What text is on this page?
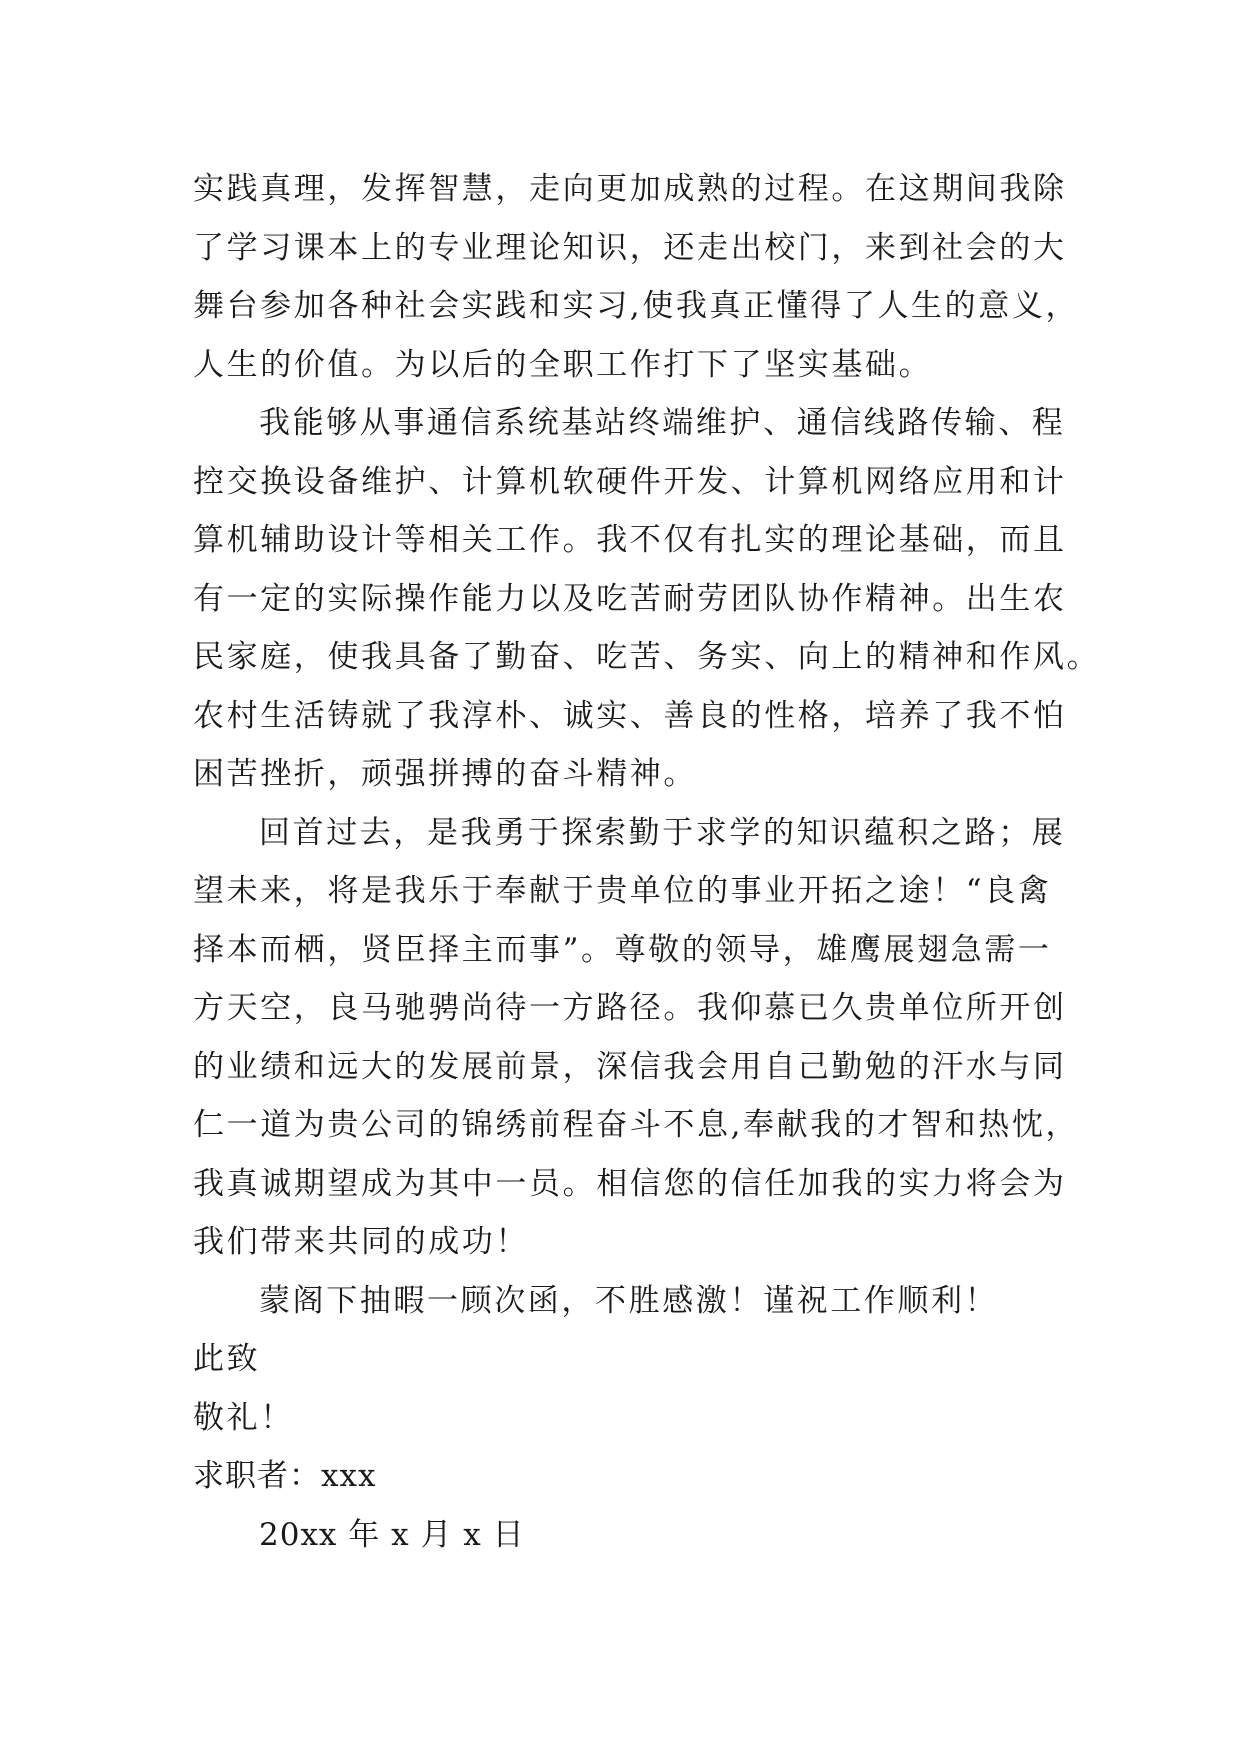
实践真理，发挥智慧，走向更加成熟的过程。在这期间我除
了学习课本上的专业理论知识，还走出校门，来到社会的大
舞台参加各种社会实践和实习,使我真正懂得了人生的意义，
人生的价值。为以后的全职工作打下了坚实基础。
我能够从事通信系统基站终端维护、通信线路传输、程
控交换设备维护、计算机软硬件开发、计算机网络应用和计
算机辅助设计等相关工作。我不仅有扎实的理论基础，而且
有一定的实际操作能力以及吃苦耐劳团队协作精神。出生农
民家庭，使我具备了勤奋、吃苦、务实、向上的精神和作风。
农村生活铸就了我淳朴、诚实、善良的性格，培养了我不怕
困苦挫折，顽强拼搏的奋斗精神。
回首过去，是我勇于探索勤于求学的知识蕴积之路；展
望未来，将是我乐于奉献于贵单位的事业开拓之途！“良禽
择本而栖，贤臣择主而事”。尊敬的领导，雄鹰展翅急需一
方天空，良马驰骋尚待一方路径。我仰慕已久贵单位所开创
的业绩和远大的发展前景，深信我会用自己勤勉的汗水与同
仁一道为贵公司的锦绣前程奋斗不息,奉献我的才智和热忱，
我真诚期望成为其中一员。相信您的信任加我的实力将会为
我们带来共同的成功！
蒙阁下抽暇一顾次函，不胜感激！谨祝工作顺利！
此致
敬礼！
求职者：xxx
20xx 年 x 月 x 日
